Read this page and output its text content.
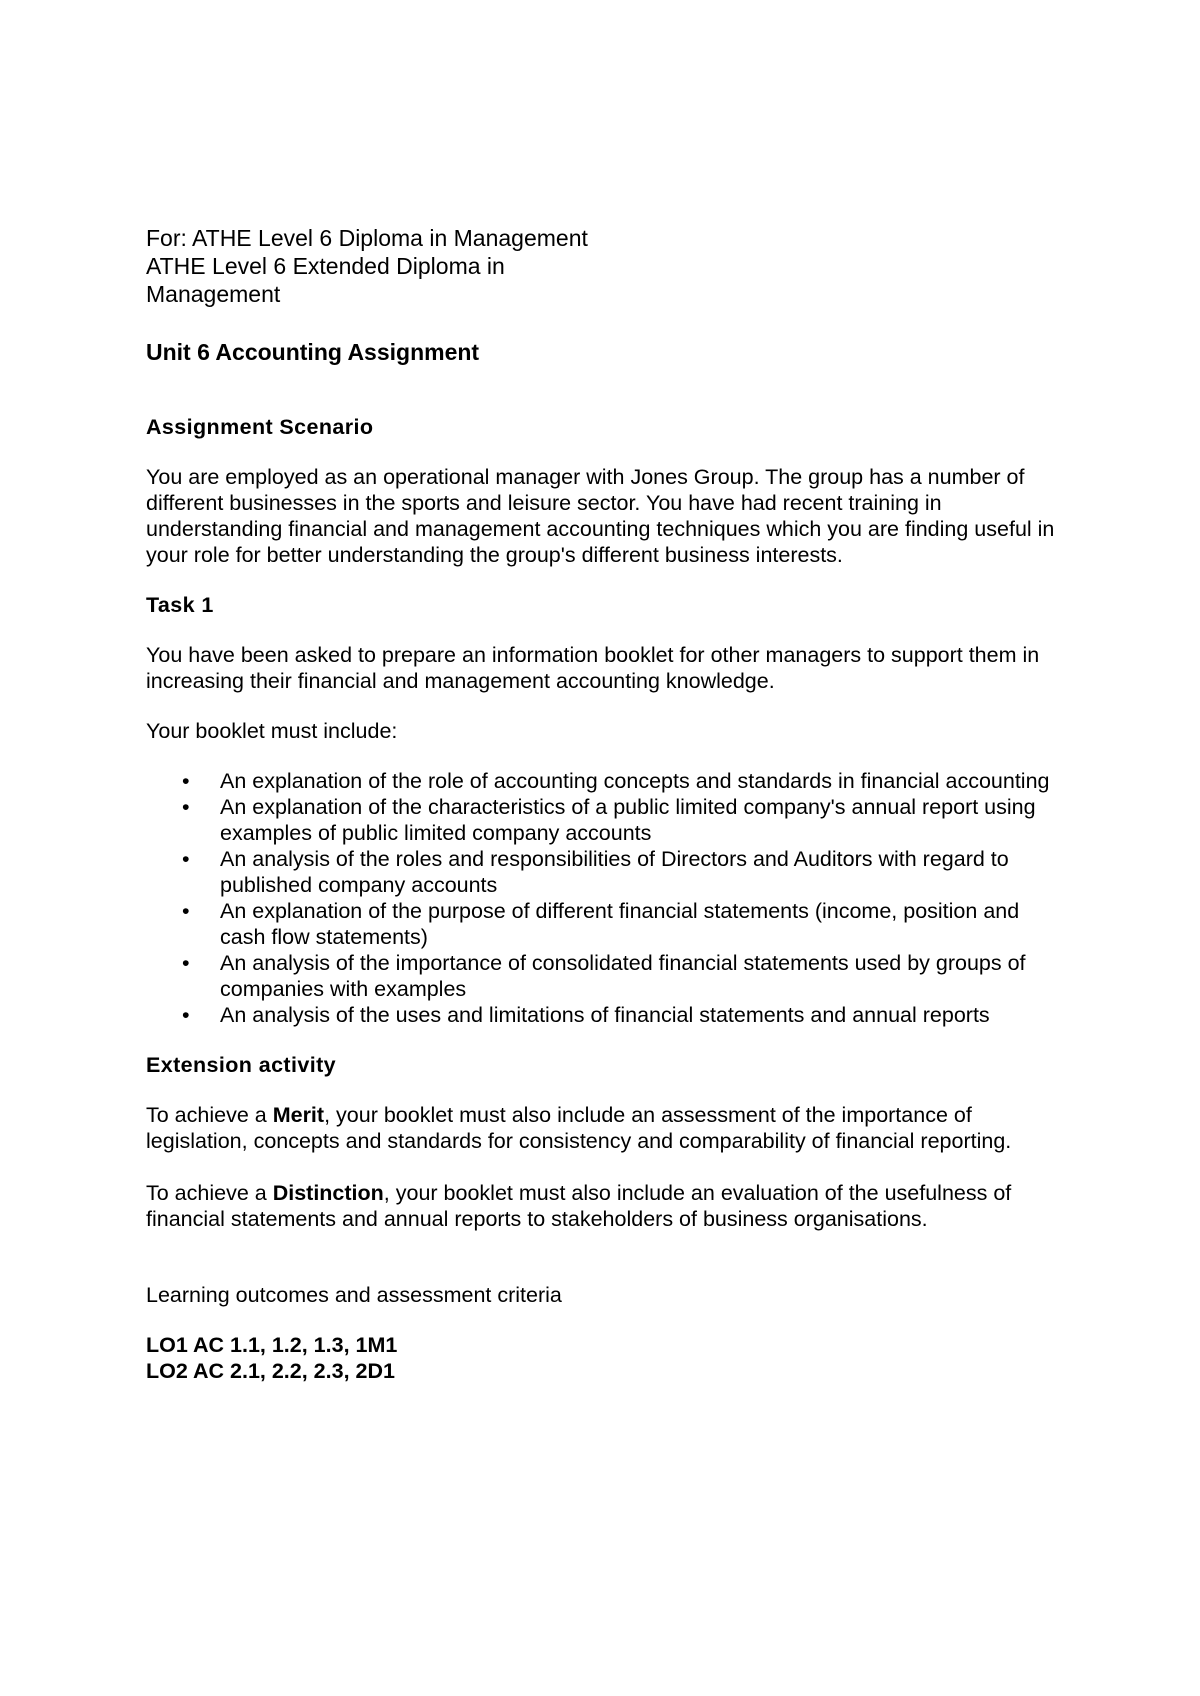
For: ATHE Level 6 Diploma in Management
ATHE Level 6 Extended Diploma in
Management
Unit 6 Accounting Assignment
Assignment Scenario

You are employed as an operational manager with Jones Group. The group has a number of different businesses in the sports and leisure sector. You have had recent training in understanding financial and management accounting techniques which you are finding useful in your role for better understanding the group's different business interests.

Task 1

You have been asked to prepare an information booklet for other managers to support them in increasing their financial and management accounting knowledge.

Your booklet must include:

• An explanation of the role of accounting concepts and standards in financial accounting
• An explanation of the characteristics of a public limited company's annual report using examples of public limited company accounts
• An analysis of the roles and responsibilities of Directors and Auditors with regard to published company accounts
• An explanation of the purpose of different financial statements (income, position and cash flow statements)
• An analysis of the importance of consolidated financial statements used by groups of companies with examples
• An analysis of the uses and limitations of financial statements and annual reports
Extension activity

To achieve a Merit, your booklet must also include an assessment of the importance of legislation, concepts and standards for consistency and comparability of financial reporting.

To achieve a Distinction, your booklet must also include an evaluation of the usefulness of financial statements and annual reports to stakeholders of business organisations.

Learning outcomes and assessment criteria

LO1 AC 1.1, 1.2, 1.3, 1M1
LO2 AC 2.1, 2.2, 2.3, 2D1
